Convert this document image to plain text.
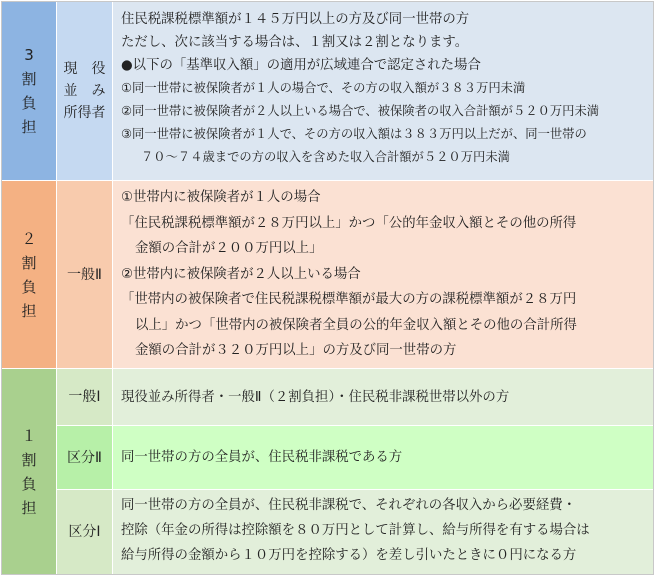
3
割
負
担
現　役
並　み
所得者
住民税課税標準額が１４５万円以上の方及び同一世帯の方
ただし、次に該当する場合は、１割又は２割となります。
●以下の「基準収入額」の適用が広域連合で認定された場合
①同一世帯に被保険者が１人の場合で、その方の収入額が３８３万円未満
②同一世帯に被保険者が２人以上いる場合で、被保険者の収入合計額が５２０万円未満
③同一世帯に被保険者が１人で、その方の収入額は３８３万円以上だが、同一世帯の
７０～７４歳までの方の収入を含めた収入合計額が５２０万円未満
２
割
負
担
一般Ⅱ
①世帯内に被保険者が１人の場合
「住民税課税標準額が２８万円以上」かつ「公的年金収入額とその他の所得
金額の合計が２００万円以上」
②世帯内に被保険者が２人以上いる場合
「世帯内の被保険者で住民税課税標準額が最大の方の課税標準額が２８万円
以上」かつ「世帯内の被保険者全員の公的年金収入額とその他の合計所得
金額の合計が３２０万円以上」の方及び同一世帯の方
１
割
負
担
一般Ⅰ 現役並み所得者・一般Ⅱ（２割負担）・住民税非課税世帯以外の方
区分Ⅱ 同一世帯の方の全員が、住民税非課税である方
区分Ⅰ
同一世帯の方の全員が、住民税非課税で、それぞれの各収入から必要経費・
控除（年金の所得は控除額を８０万円として計算し、給与所得を有する場合は
給与所得の金額から１０万円を控除する）を差し引いたときに０円になる方
